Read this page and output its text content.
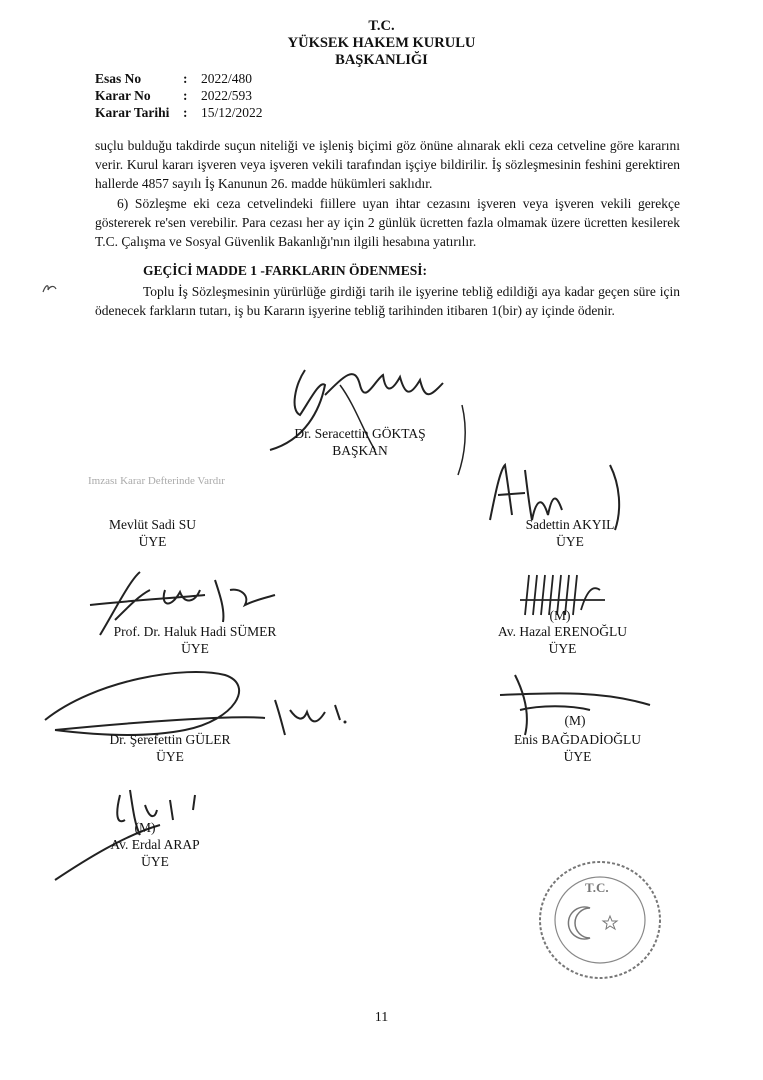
T.C.
YÜKSEK HAKEM KURULU
BAŞKANLIĞI
Esas No	: 2022/480
Karar No : 2022/593
Karar Tarihi : 15/12/2022

suçlu bulduğu takdirde suçun niteliği ve işleniş biçimi göz önüne alınarak ekli ceza cetveline göre kararını verir. Kurul kararı işveren veya işveren vekili tarafından işçiye bildirilir. İş sözleşmesinin feshini gerektiren hallerde 4857 sayılı İş Kanunun 26. madde hükümleri saklıdır.

6) Sözleşme eki ceza cetvelindeki fiillere uyan ihtar cezasını işveren veya işveren vekili gerekçe göstererek re'sen verebilir. Para cezası her ay için 2 günlük ücretten fazla olmamak üzere ücretten kesilerek T.C. Çalışma ve Sosyal Güvenlik Bakanlığı'nın ilgili hesabına yatırılır.

GEÇİCİ MADDE 1 -FARKLARIN ÖDENMESİ:

Toplu İş Sözleşmesinin yürürlüğe girdiği tarih ile işyerine tebliğ edildiği aya kadar geçen süre için ödenecek farkların tutarı, iş bu Kararın işyerine tebliğ tarihinden itibaren 1(bir) ay içinde ödenir.

Dr. Seracettin GÖKTAŞ
BAŞKAN
Imzası Karar Defterinde Vardır
Mevlüt Sadi SU
ÜYE
Sadettin AKYIL
ÜYE
Prof. Dr. Haluk Hadi SÜMER
ÜYE
(M)
Av. Hazal ERENOĞLU
ÜYE
Dr. Şerefettin GÜLER
ÜYE
(M)
Enis BAĞDADİOĞLU
ÜYE
(M)
Av. Erdal ARAP
ÜYE
T.C.
11
